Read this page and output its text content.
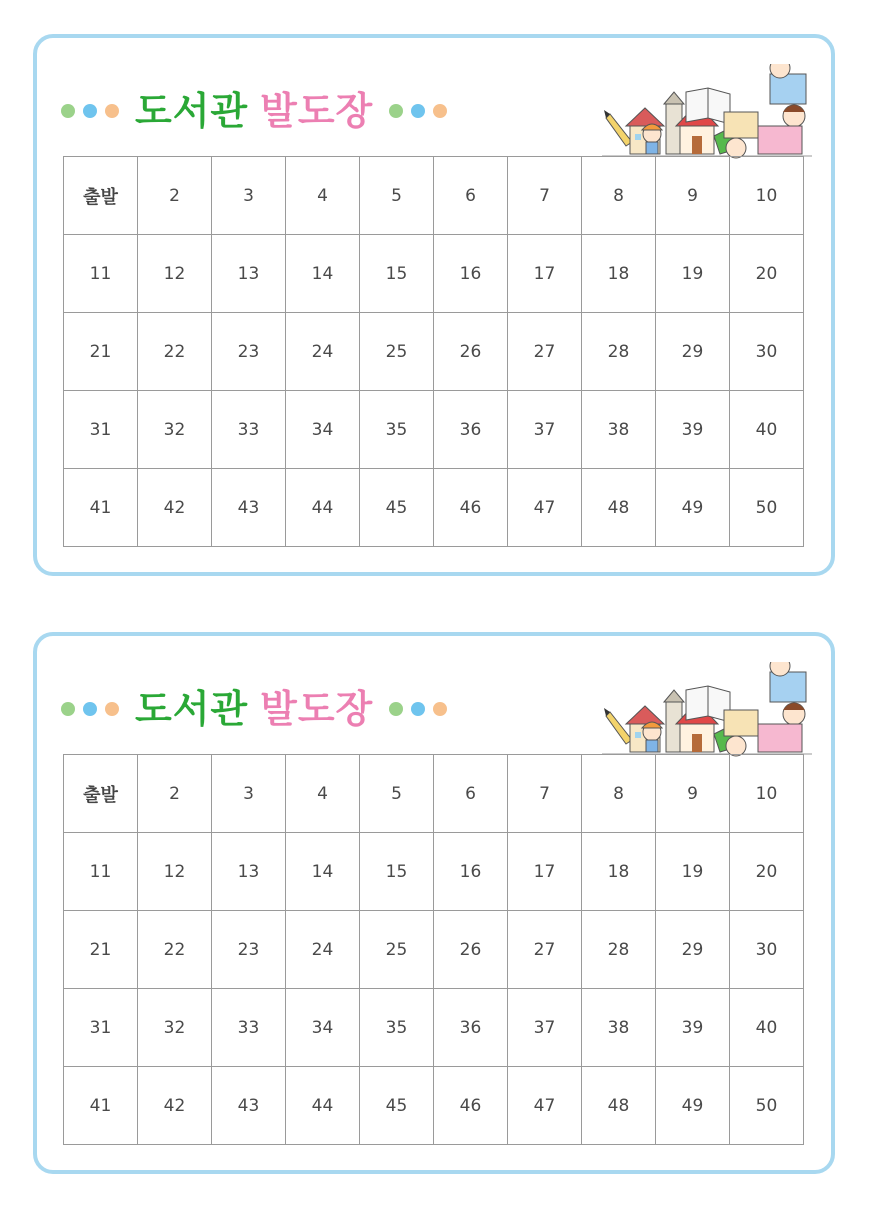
도서관 발도장
출발	2	3	4	5	6	7	8	9	10
11	12	13	14	15	16	17	18	19	20
21	22	23	24	25	26	27	28	29	30
31	32	33	34	35	36	37	38	39	40
41	42	43	44	45	46	47	48	49	50
도서관 발도장
출발	2	3	4	5	6	7	8	9	10
11	12	13	14	15	16	17	18	19	20
21	22	23	24	25	26	27	28	29	30
31	32	33	34	35	36	37	38	39	40
41	42	43	44	45	46	47	48	49	50
